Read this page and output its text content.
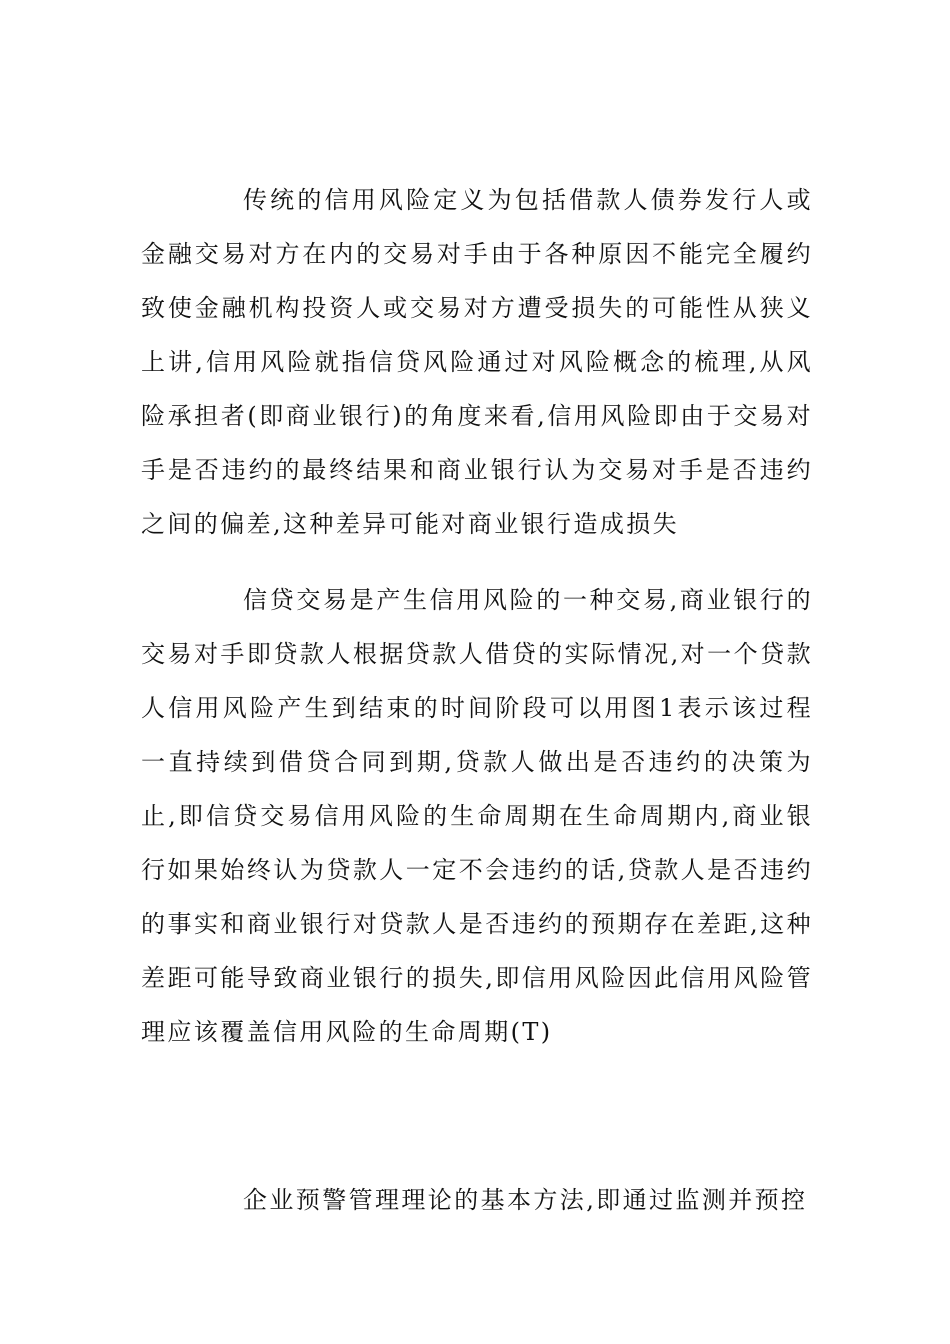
传统的信用风险定义为包括借款人债券发行人或金融交易对方在内的交易对手由于各种原因不能完全履约致使金融机构投资人或交易对方遭受损失的可能性从狭义上讲,信用风险就指信贷风险通过对风险概念的梳理,从风险承担者(即商业银行)的角度来看,信用风险即由于交易对手是否违约的最终结果和商业银行认为交易对手是否违约之间的偏差,这种差异可能对商业银行造成损失

信贷交易是产生信用风险的一种交易,商业银行的交易对手即贷款人根据贷款人借贷的实际情况,对一个贷款人信用风险产生到结束的时间阶段可以用图1表示该过程一直持续到借贷合同到期,贷款人做出是否违约的决策为止,即信贷交易信用风险的生命周期在生命周期内,商业银行如果始终认为贷款人一定不会违约的话,贷款人是否违约的事实和商业银行对贷款人是否违约的预期存在差距,这种差距可能导致商业银行的损失,即信用风险因此信用风险管理应该覆盖信用风险的生命周期(T)

企业预警管理理论的基本方法,即通过监测并预控
